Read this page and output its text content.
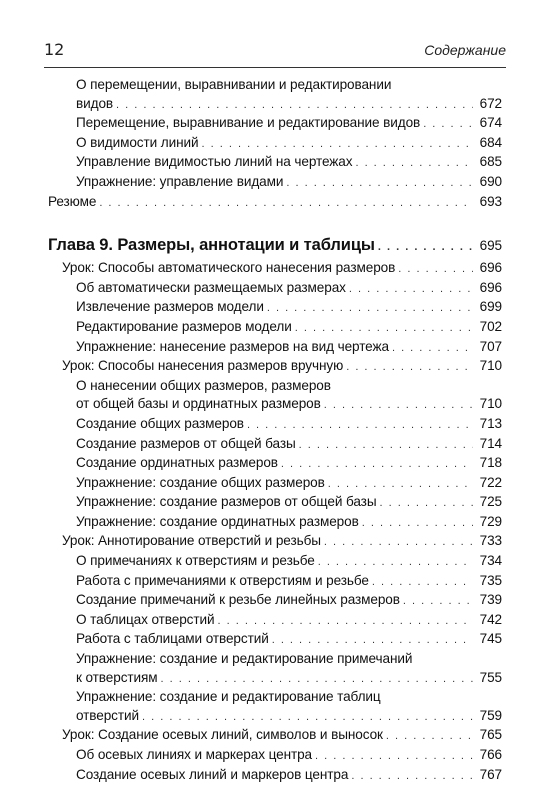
12	Содержание
О перемещении, выравнивании и редактировании
видов . . .	672
Перемещение, выравнивание и редактирование видов . . .	674
О видимости линий . . .	684
Управление видимостью линий на чертежах . . .	685
Упражнение: управление видами . . .	690
Резюме . . .	693
Глава 9. Размеры, аннотации и таблицы . . .	695
Урок: Способы автоматического нанесения размеров . . .	696
Об автоматически размещаемых размерах . . .	696
Извлечение размеров модели . . .	699
Редактирование размеров модели . . .	702
Упражнение: нанесение размеров на вид чертежа . . .	707
Урок: Способы нанесения размеров вручную . . .	710
О нанесении общих размеров, размеров
от общей базы и ординатных размеров . . .	710
Создание общих размеров . . .	713
Создание размеров от общей базы . . .	714
Создание ординатных размеров . . .	718
Упражнение: создание общих размеров . . .	722
Упражнение: создание размеров от общей базы . . .	725
Упражнение: создание ординатных размеров . . .	729
Урок: Аннотирование отверстий и резьбы . . .	733
О примечаниях к отверстиям и резьбе . . .	734
Работа с примечаниями к отверстиям и резьбе . . .	735
Создание примечаний к резьбе линейных размеров . . .	739
О таблицах отверстий . . .	742
Работа с таблицами отверстий . . .	745
Упражнение: создание и редактирование примечаний
к отверстиям . . .	755
Упражнение: создание и редактирование таблиц
отверстий . . .	759
Урок: Создание осевых линий, символов и выносок . . .	765
Об осевых линиях и маркерах центра . . .	766
Создание осевых линий и маркеров центра . . .	767
